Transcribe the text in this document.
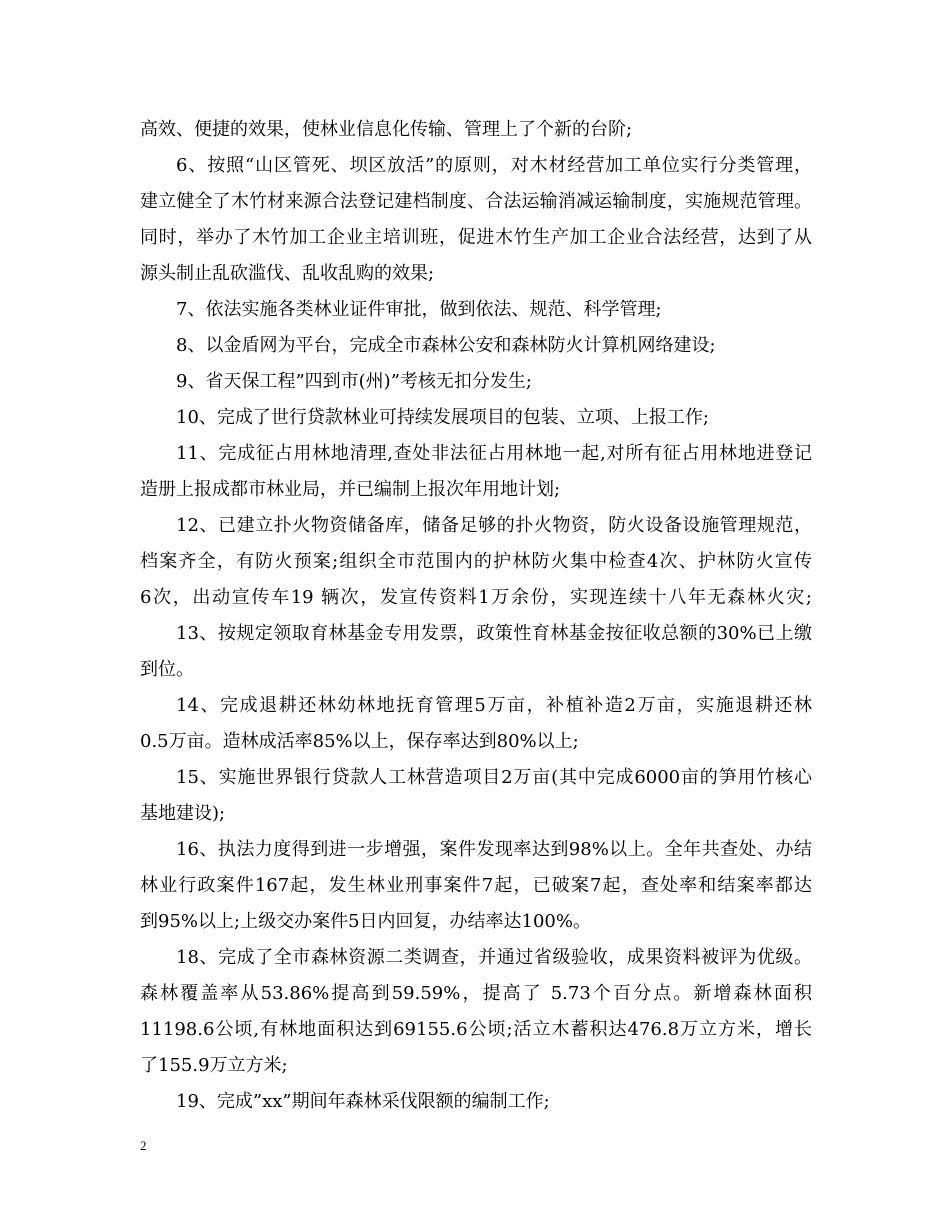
高效、便捷的效果，使林业信息化传输、管理上了个新的台阶;
6、按照“山区管死、坝区放活”的原则，对木材经营加工单位实行分类管理，
建立健全了木竹材来源合法登记建档制度、合法运输消减运输制度，实施规范管理。
同时，举办了木竹加工企业主培训班，促进木竹生产加工企业合法经营，达到了从
源头制止乱砍滥伐、乱收乱购的效果;
7、依法实施各类林业证件审批，做到依法、规范、科学管理;
8、以金盾网为平台，完成全市森林公安和森林防火计算机网络建设;
9、省天保工程”四到市(州)”考核无扣分发生;
10、完成了世行贷款林业可持续发展项目的包装、立项、上报工作;
11、完成征占用林地清理,查处非法征占用林地一起,对所有征占用林地进登记
造册上报成都市林业局，并已编制上报次年用地计划;
12、已建立扑火物资储备库，储备足够的扑火物资，防火设备设施管理规范，
档案齐全，有防火预案;组织全市范围内的护林防火集中检查4次、护林防火宣传
6次，出动宣传车19 辆次，发宣传资料1万余份，实现连续十八年无森林火灾;
13、按规定领取育林基金专用发票，政策性育林基金按征收总额的30%已上缴
到位。
14、完成退耕还林幼林地抚育管理5万亩，补植补造2万亩，实施退耕还林
0.5万亩。造林成活率85%以上，保存率达到80%以上;
15、实施世界银行贷款人工林营造项目2万亩(其中完成6000亩的笋用竹核心
基地建设);
16、执法力度得到进一步增强，案件发现率达到98%以上。全年共查处、办结
林业行政案件167起，发生林业刑事案件7起，已破案7起，查处率和结案率都达
到95%以上;上级交办案件5日内回复，办结率达100%。
18、完成了全市森林资源二类调查，并通过省级验收，成果资料被评为优级。
森林覆盖率从53.86%提高到59.59%，提高了 5.73个百分点。新增森林面积
11198.6公顷,有林地面积达到69155.6公顷;活立木蓄积达476.8万立方米，增长
了155.9万立方米;
19、完成”xx”期间年森林采伐限额的编制工作;
2
